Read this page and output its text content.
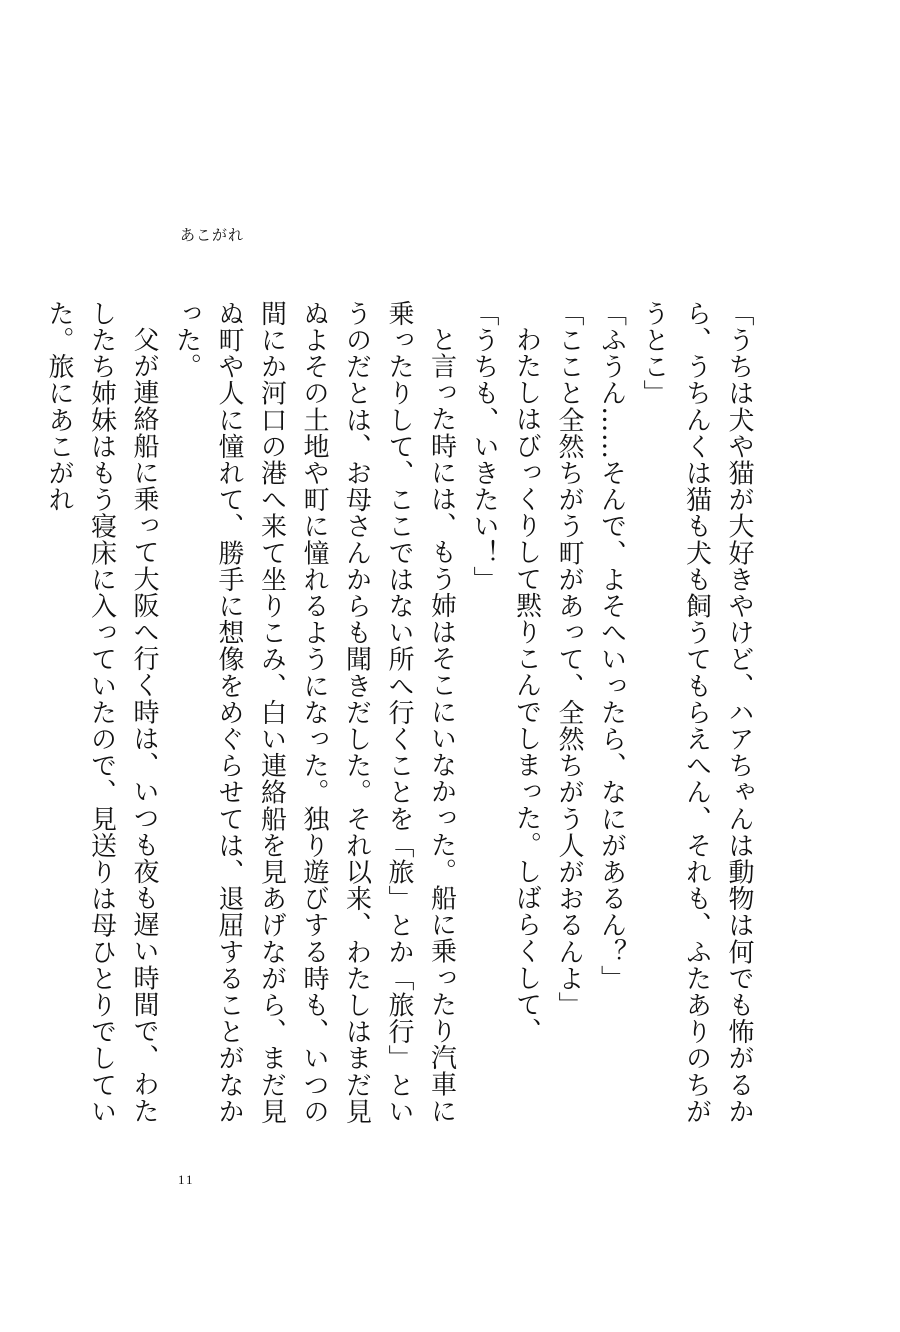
あこがれ

「うちは犬や猫が大好きやけど、ハアちゃんは動物は何でも怖がるから、うちんくは猫も犬も飼うてもらえへん、それも、ふたありのちがうとこ」

「ふうん……そんで、よそへいったら、なにがあるん？」

「ここと全然ちがう町があって、全然ちがう人がおるんよ」

わたしはびっくりして黙りこんでしまった。しばらくして、

「うちも、いきたい！」

と言った時には、もう姉はそこにいなかった。船に乗ったり汽車に乗ったりして、ここではない所へ行くことを「旅」とか「旅行」というのだとは、お母さんからも聞きだした。それ以来、わたしはまだ見ぬよその土地や町に憧れるようになった。独り遊びする時も、いつの間にか河口の港へ来て坐りこみ、白い連絡船を見あげながら、まだ見ぬ町や人に憧れて、勝手に想像をめぐらせては、退屈することがなかった。

父が連絡船に乗って大阪へ行く時は、いつも夜も遅い時間で、わたしたち姉妹はもう寝床に入っていたので、見送りは母ひとりでしていた。旅にあこがれ

11
